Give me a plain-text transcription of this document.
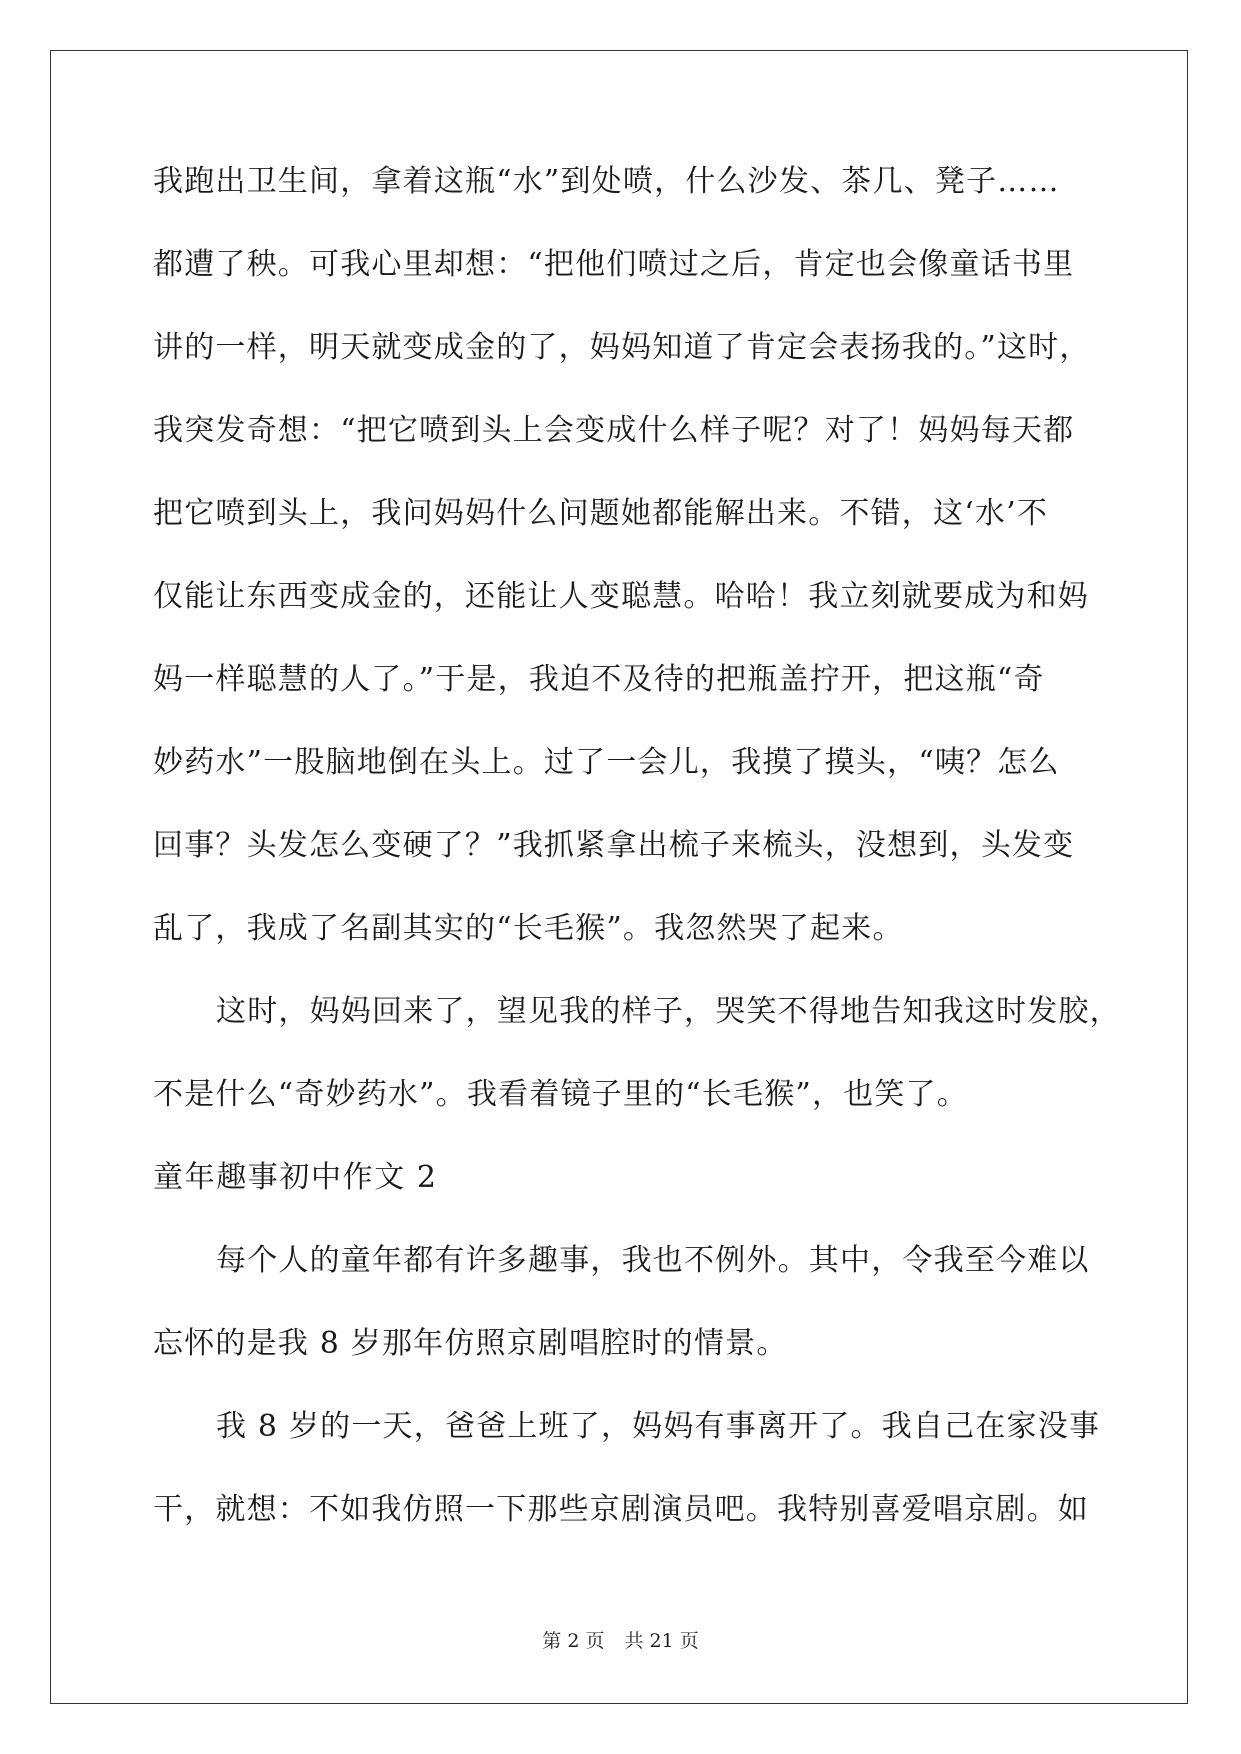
我跑出卫生间，拿着这瓶“水”到处喷，什么沙发、茶几、凳子……
都遭了秧。可我心里却想：“把他们喷过之后，肯定也会像童话书里
讲的一样，明天就变成金的了，妈妈知道了肯定会表扬我的。”这时，
我突发奇想：“把它喷到头上会变成什么样子呢？对了！妈妈每天都
把它喷到头上，我问妈妈什么问题她都能解出来。不错，这‘水’不
仅能让东西变成金的，还能让人变聪慧。哈哈！我立刻就要成为和妈
妈一样聪慧的人了。”于是，我迫不及待的把瓶盖拧开，把这瓶“奇
妙药水”一股脑地倒在头上。过了一会儿，我摸了摸头，“咦？怎么
回事？头发怎么变硬了？”我抓紧拿出梳子来梳头，没想到，头发变
乱了，我成了名副其实的“长毛猴”。我忽然哭了起来。
这时，妈妈回来了，望见我的样子，哭笑不得地告知我这时发胶，
不是什么“奇妙药水”。我看着镜子里的“长毛猴”，也笑了。
童年趣事初中作文 2
每个人的童年都有许多趣事，我也不例外。其中，令我至今难以
忘怀的是我 8 岁那年仿照京剧唱腔时的情景。
我 8 岁的一天，爸爸上班了，妈妈有事离开了。我自己在家没事
干，就想：不如我仿照一下那些京剧演员吧。我特别喜爱唱京剧。如
第 2 页 共 21 页
